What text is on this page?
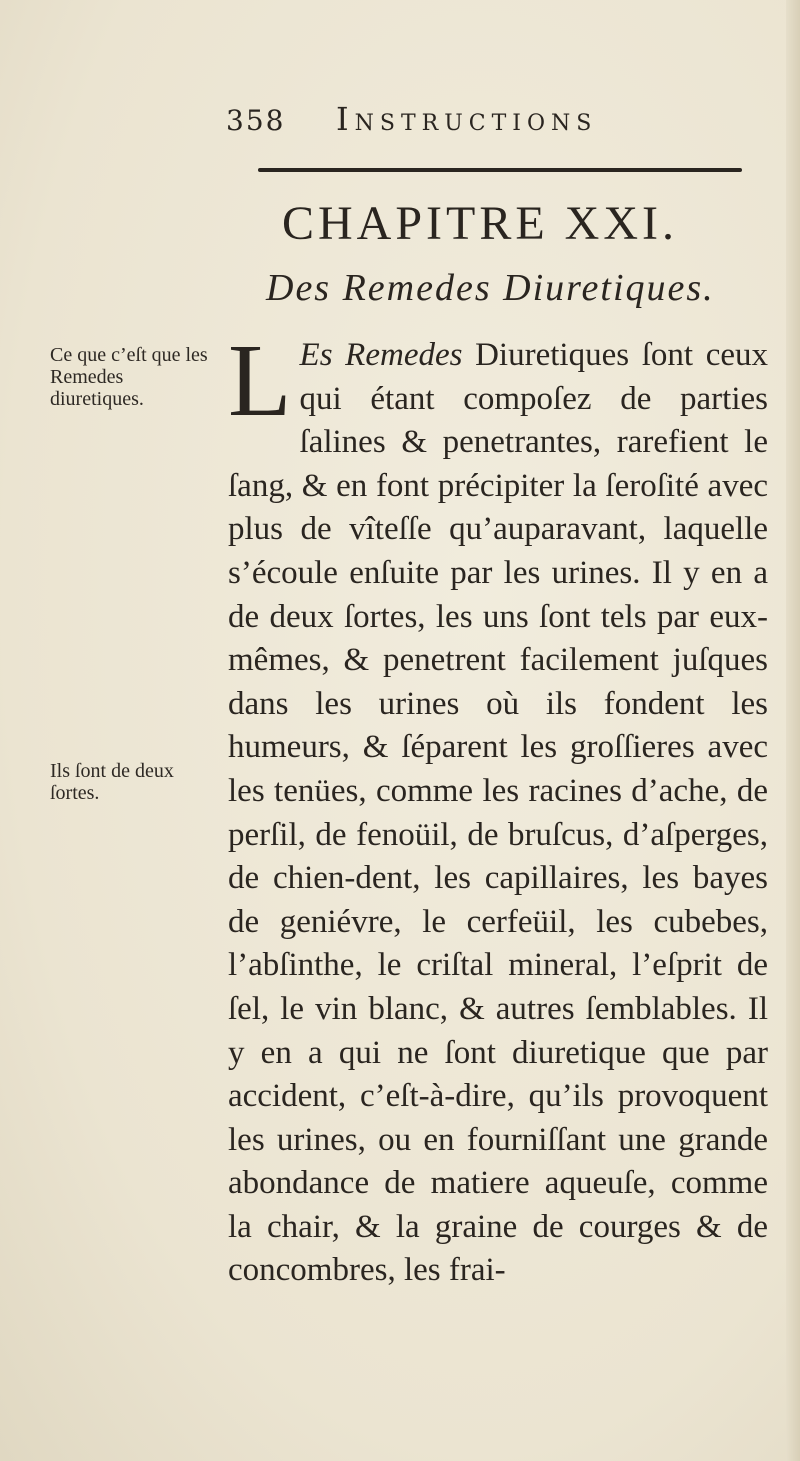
358 Instructions
CHAPITRE XXI.
Des Remedes Diuretiques.
Ce que c’eſt que les Remedes diuretiques.
Ils ſont de deux ſortes.
L Es Remedes Diuretiques ſont ceux qui étant compoſez de parties ſalines & penetrantes, rarefient le ſang, & en font précipiter la ſeroſité avec plus de vîteſſe qu’auparavant, laquelle s’écoule enſuite par les urines. Il y en a de deux ſortes, les uns ſont tels par eux-mêmes, & penetrent facilement juſques dans les urines où ils fondent les humeurs, & ſéparent les groſſieres avec les tenües, comme les racines d’ache, de perſil, de fenoüil, de bruſcus, d’aſperges, de chien-dent, les capillaires, les bayes de geniévre, le cerfeüil, les cubebes, l’abſinthe, le criſtal mineral, l’eſprit de ſel, le vin blanc, & autres ſemblables. Il y en a qui ne ſont diuretique que par accident, c’eſt-à-dire, qu’ils provoquent les urines, ou en fourniſſant une grande abondance de matiere aqueuſe, comme la chair, & la graine de courges & de concombres, les frai-
